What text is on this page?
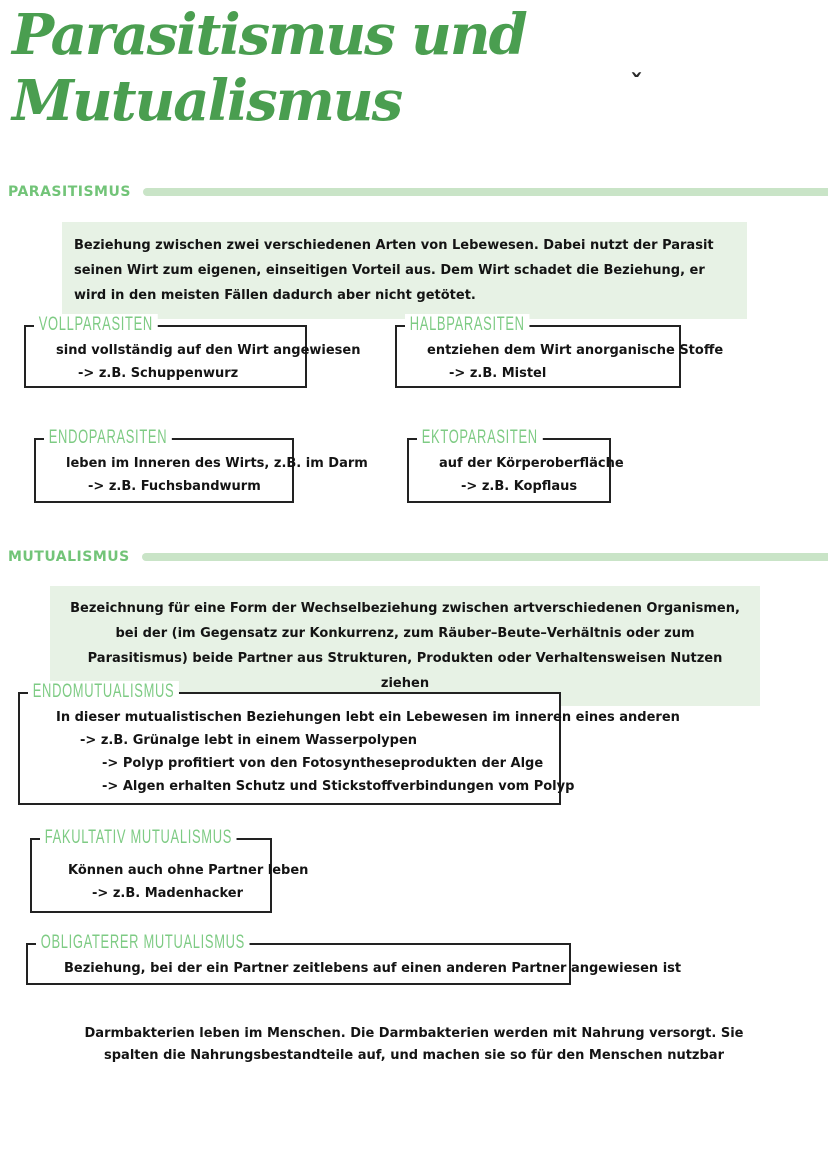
Parasitismus und
Mutualismus	ˇ
PARASITISMUS
Beziehung zwischen zwei verschiedenen Arten von Lebewesen. Dabei nutzt der Parasit seinen Wirt zum eigenen, einseitigen Vorteil aus. Dem Wirt schadet die Beziehung, er wird in den meisten Fällen dadurch aber nicht getötet.
VOLLPARASITEN
sind vollständig auf den Wirt angewiesen
-> z.B. Schuppenwurz
HALBPARASITEN
entziehen dem Wirt anorganische Stoffe
-> z.B. Mistel
ENDOPARASITEN
leben im Inneren des Wirts, z.B. im Darm
-> z.B. Fuchsbandwurm
EKTOPARASITEN
auf der Körperoberfläche
-> z.B. Kopflaus
MUTUALISMUS
Bezeichnung für eine Form der Wechselbeziehung zwischen artverschiedenen Organismen, bei der (im Gegensatz zur Konkurrenz, zum Räuber–Beute–Verhältnis oder zum Parasitismus) beide Partner aus Strukturen, Produkten oder Verhaltensweisen Nutzen ziehen
ENDOMUTUALISMUS
In dieser mutualistischen Beziehungen lebt ein Lebewesen im inneren eines anderen
-> z.B. Grünalge lebt in einem Wasserpolypen
-> Polyp profitiert von den Fotosyntheseprodukten der Alge
-> Algen erhalten Schutz und Stickstoffverbindungen vom Polyp
FAKULTATIV MUTUALISMUS
Können auch ohne Partner leben
-> z.B. Madenhacker
OBLIGATERER MUTUALISMUS
Beziehung, bei der ein Partner zeitlebens auf einen anderen Partner angewiesen ist
Darmbakterien leben im Menschen. Die Darmbakterien werden mit Nahrung versorgt. Sie spalten die Nahrungsbestandteile auf, und machen sie so für den Menschen nutzbar
